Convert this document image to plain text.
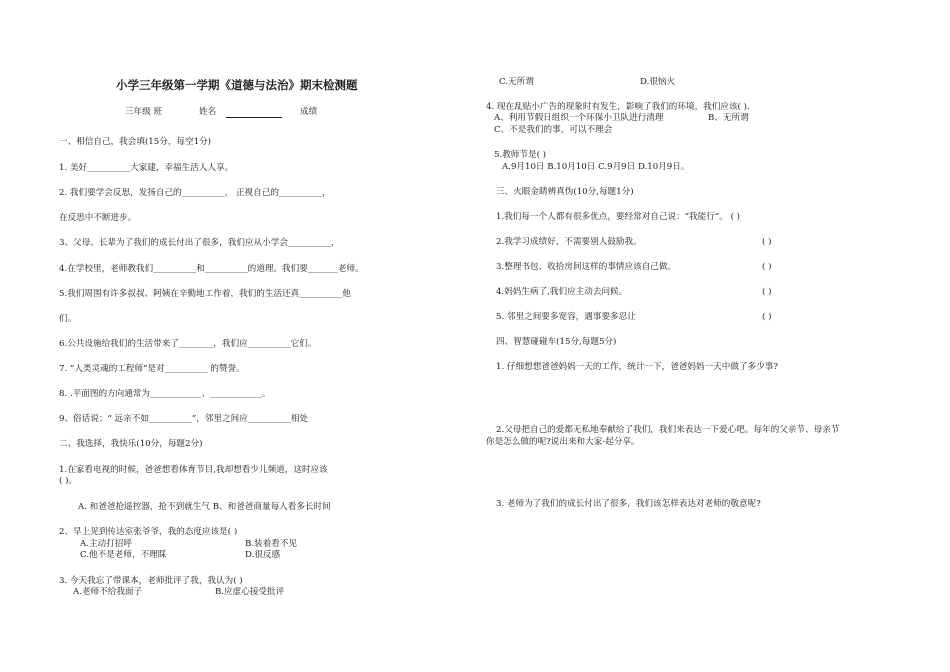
小学三年级第一学期《道德与法治》期末检测题
三年级 班	姓名	成绩
一、相信自己，我会填(15分，每空1分)
1. 美好__________大家建，幸福生活人人享。
2. 我们要学会反思，发扬自己的__________， 正视自己的__________，
在反思中不断进步。
3、父母、长辈为了我们的成长付出了很多，我们应从小学会__________，
4.在学校里，老师教我们__________和__________的道理。我们要_______老师。
5.我们周围有许多叔叔、阿姨在辛勤地工作着，我们的生活还真__________他
们。
6.公共设施给我们的生活带来了________，我们应__________它们。
7. “人类灵魂的工程师”是对__________ 的赞誉。
8. .平面图的方向通常为____________、____________。
9、俗话说：“ 远亲不如__________”，邻里之间应__________相处
二、我选择，我快乐(10分，每题2分)
1.在家看电视的时候，爸爸想看体育节目,我却想看少儿频道，这时应该
( )。
A. 和爸爸抢遥控器，抢不到就生气 B、和爸爸商量每人看多长时间
2、早上见到传达室张爷爷，我的态度应该是( )
A.主动打招呼	B.装着看不见
C.他不是老师，不理睬	D.很反感
3. 今天我忘了带课本，老师批评了我，我认为( )
A.老师不给我面子	B.应虚心接受批评
C.无所谓	D.很恼火
4. 现在乱贴小广告的现象时有发生，影响了我们的环境，我们应该( ).
A、利用节假日组织一个环保小卫队进行清理	B、无所谓
C、不是我们的事，可以不理会
5.教师节是( )
A.9月10日 B.10月10日 C.9月9日 D.10月9日。
三、火眼金睛辨真伪(10分,每题1分)
1.我们每一个人都有很多优点，要经常对自己说：“我能行”。 ( )
2.我学习成绩好，不需要别人鼓励我。	( )
3.整理书包、收拾房间这样的事情应该自己做。	( )
4.妈妈生病了,我们应主动去问候。	( )
5. 邻里之间要多宽容，遇事要多忍让	( )
四、智慧碰碰车(15分,每题5分)
1. 仔细想想爸爸妈妈一天的工作，统计一下，爸爸妈妈一天中做了多少事?
2.父母把自己的爱都无私地奉献给了我们，我们来表达一下爱心吧。每年的父亲节、母亲节
你是怎么做的呢?说出来和大家-起分享。
3. 老师为了我们的成长付出了很多，我们该怎样表达对老师的敬意呢?
